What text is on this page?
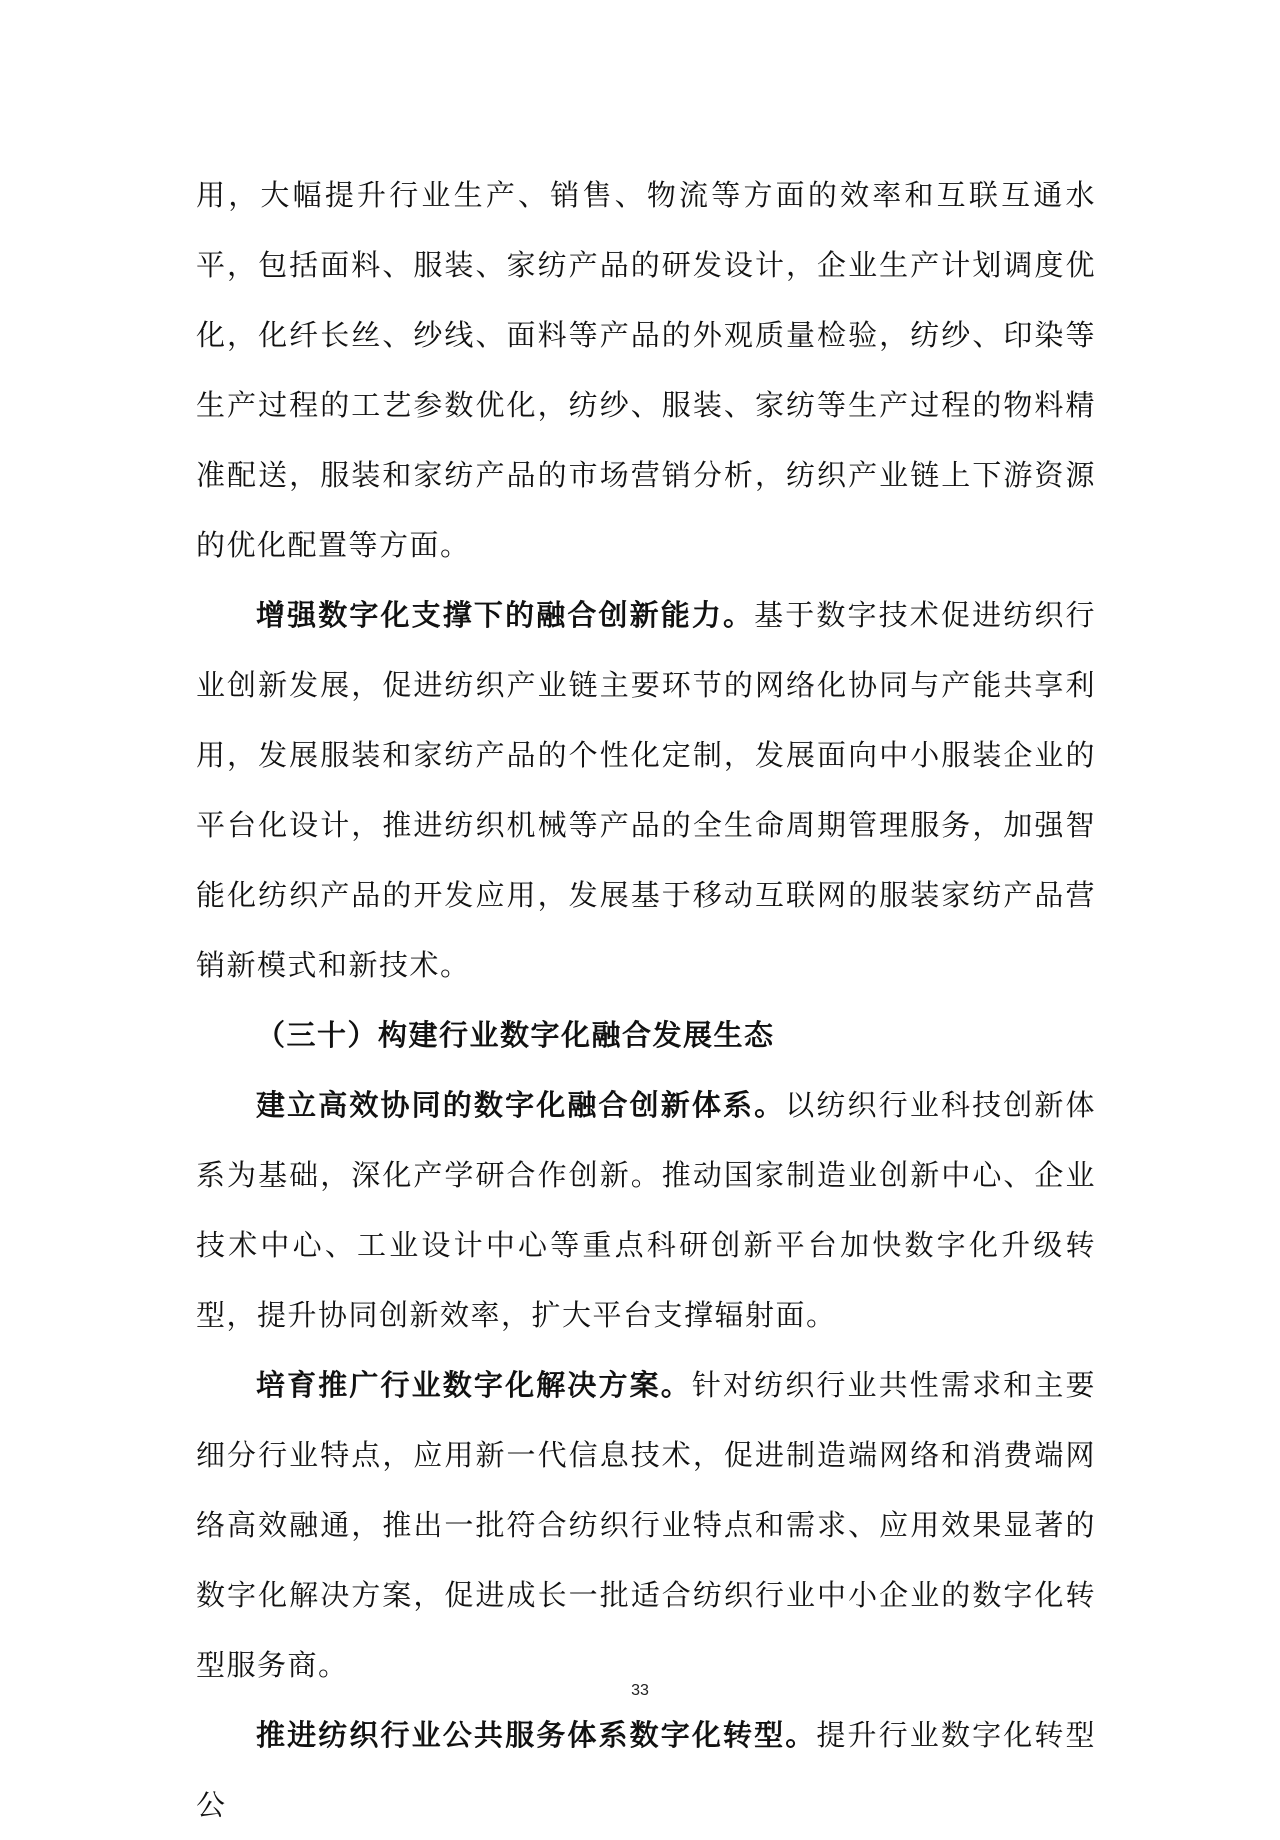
用，大幅提升行业生产、销售、物流等方面的效率和互联互通水平，包括面料、服装、家纺产品的研发设计，企业生产计划调度优化，化纤长丝、纱线、面料等产品的外观质量检验，纺纱、印染等生产过程的工艺参数优化，纺纱、服装、家纺等生产过程的物料精准配送，服装和家纺产品的市场营销分析，纺织产业链上下游资源的优化配置等方面。

增强数字化支撑下的融合创新能力。基于数字技术促进纺织行业创新发展，促进纺织产业链主要环节的网络化协同与产能共享利用，发展服装和家纺产品的个性化定制，发展面向中小服装企业的平台化设计，推进纺织机械等产品的全生命周期管理服务，加强智能化纺织产品的开发应用，发展基于移动互联网的服装家纺产品营销新模式和新技术。

（三十）构建行业数字化融合发展生态

建立高效协同的数字化融合创新体系。以纺织行业科技创新体系为基础，深化产学研合作创新。推动国家制造业创新中心、企业技术中心、工业设计中心等重点科研创新平台加快数字化升级转型，提升协同创新效率，扩大平台支撑辐射面。

培育推广行业数字化解决方案。针对纺织行业共性需求和主要细分行业特点，应用新一代信息技术，促进制造端网络和消费端网络高效融通，推出一批符合纺织行业特点和需求、应用效果显著的数字化解决方案，促进成长一批适合纺织行业中小企业的数字化转型服务商。

推进纺织行业公共服务体系数字化转型。提升行业数字化转型公

33
